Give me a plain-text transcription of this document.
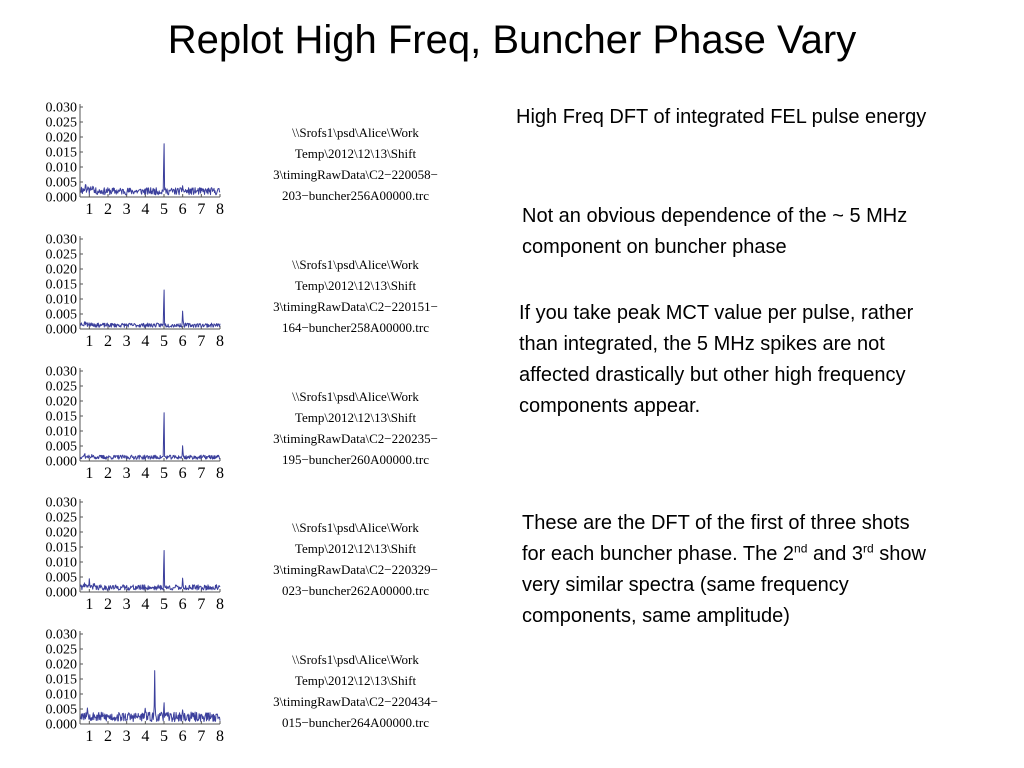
Replot High Freq, Buncher Phase Vary
0.030
0.025
0.020
0.015
0.010
0.005
0.000
1 2 3 4 5 6 7 8
\\Srofs1\psd\Alice\Work
Temp\2012\12\13\Shift
3\timingRawData\C2−220058−
203−buncher256A00000.trc
0.030
0.025
0.020
0.015
0.010
0.005
0.000
1 2 3 4 5 6 7 8
\\Srofs1\psd\Alice\Work
Temp\2012\12\13\Shift
3\timingRawData\C2−220151−
164−buncher258A00000.trc
0.030
0.025
0.020
0.015
0.010
0.005
0.000
1 2 3 4 5 6 7 8
\\Srofs1\psd\Alice\Work
Temp\2012\12\13\Shift
3\timingRawData\C2−220235−
195−buncher260A00000.trc
0.030
0.025
0.020
0.015
0.010
0.005
0.000
1 2 3 4 5 6 7 8
\\Srofs1\psd\Alice\Work
Temp\2012\12\13\Shift
3\timingRawData\C2−220329−
023−buncher262A00000.trc
0.030
0.025
0.020
0.015
0.010
0.005
0.000
1 2 3 4 5 6 7 8
\\Srofs1\psd\Alice\Work
Temp\2012\12\13\Shift
3\timingRawData\C2−220434−
015−buncher264A00000.trc

High Freq DFT of integrated FEL pulse energy

Not an obvious dependence of the ~ 5 MHz component on buncher phase

If you take peak MCT value per pulse, rather than integrated, the 5 MHz spikes are not affected drastically but other high frequency components appear.

These are the DFT of the first of three shots for each buncher phase. The 2nd and 3rd show very similar spectra (same frequency components, same amplitude)
